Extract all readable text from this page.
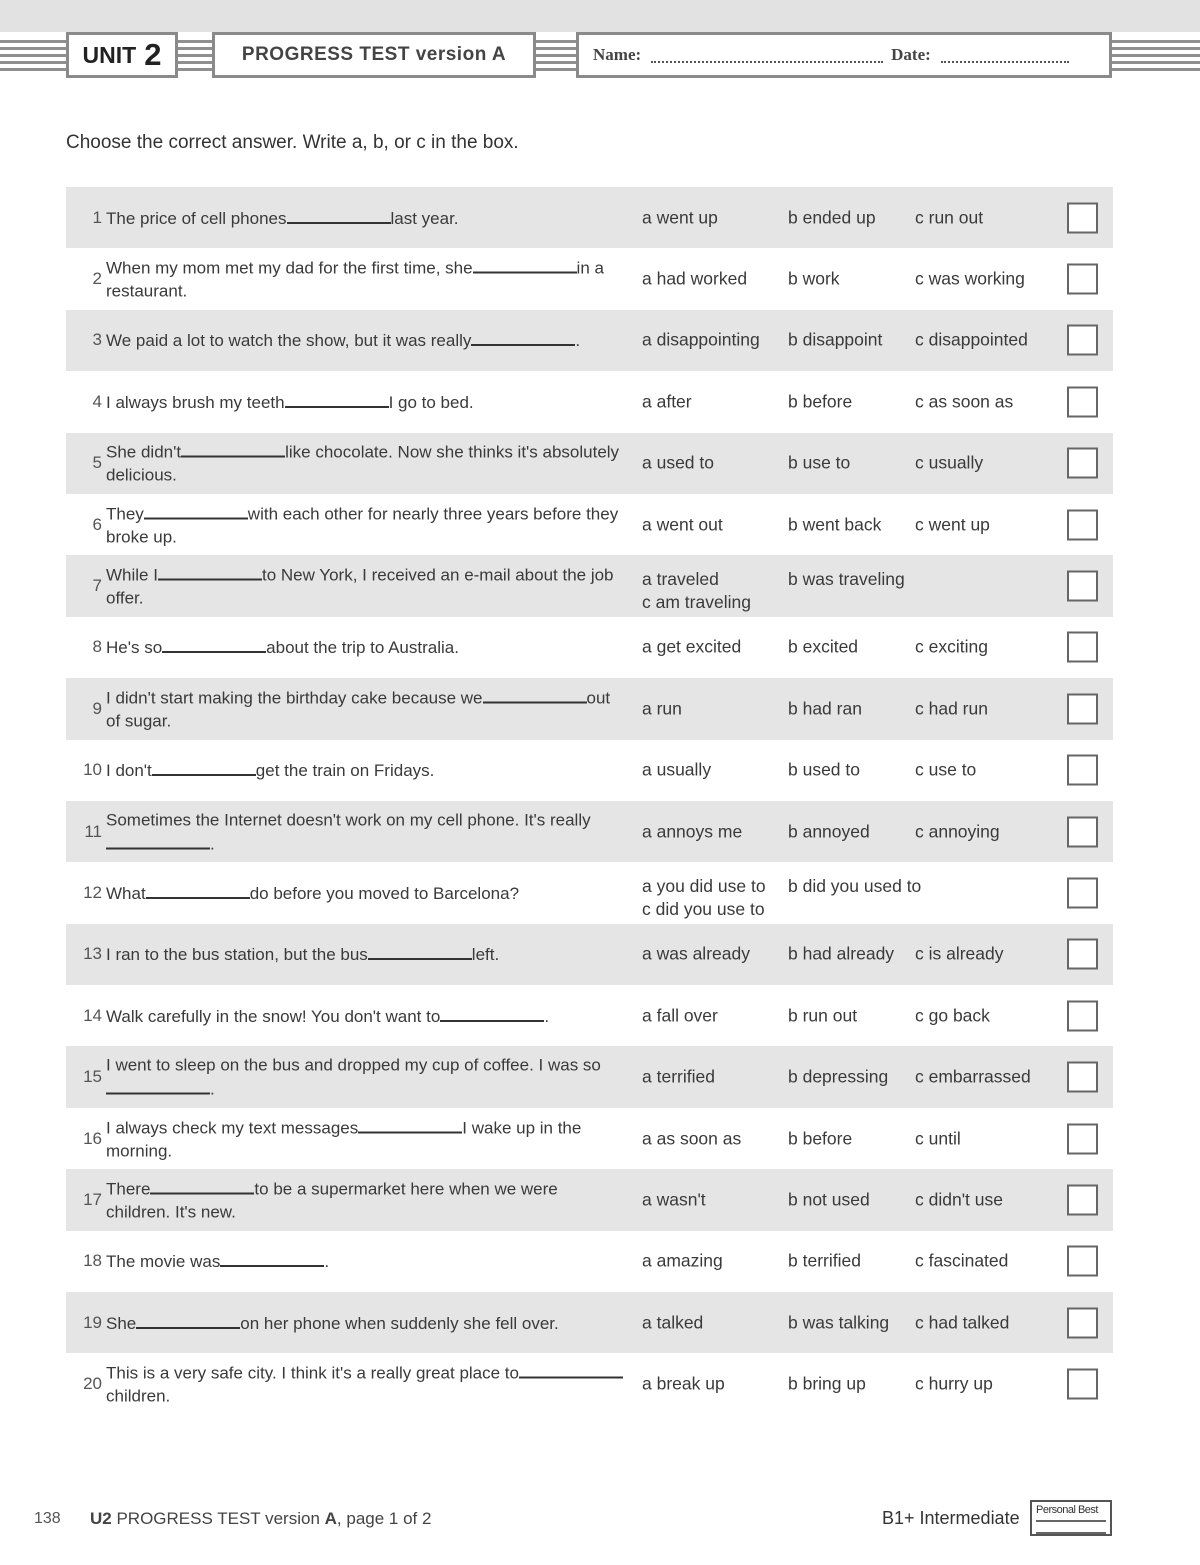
UNIT 2	PROGRESS TEST version A	Name:	Date:
Choose the correct answer. Write a, b, or c in the box.
1 The price of cell phones	last year.	a went up	b ended up c run out
2
When my mom met my dad for the first time, she	in a restaurant.
a had worked b work	c was working
3 We paid a lot to watch the show, but it was really	.	a disappointing b disappoint c disappointed
4 I always brush my teeth	I go to bed.	a after	b before	c as soon as
5
She didn't	like chocolate. Now she thinks it's absolutely delicious.
a used to	b use to	c usually
6
They	with each other for nearly three years before they broke up.
a went out	b went back c went up
7
While I	to New York, I received an e-mail about the job offer.
a traveled	b was traveling
c am traveling
8 He's so	about the trip to Australia.	a get excited	b excited	c exciting
9
I didn't start making the birthday cake because we	out of sugar.
a run	b had ran	c had run
10 I don't	get the train on Fridays.	a usually	b used to	c use to
11
Sometimes the Internet doesn't work on my cell phone. It's really.
a annoys me	b annoyed	c annoying
12 What	do before you moved to Barcelona?	a you did use to b did you used to
c did you use to
13 I ran to the bus station, but the bus	left.	a was already b had already c is already
14 Walk carefully in the snow! You don't want to	.	a fall over	b run out	c go back
15
I went to sleep on the bus and dropped my cup of coffee. I was so.
a terrified	b depressing c embarrassed
16
I always check my text messages	I wake up in the morning.
a as soon as	b before	c until
17
There	to be a supermarket here when we were children. It's new.
a wasn't	b not used	c didn't use
18 The movie was	.	a amazing	b terrified	c fascinated
19 She	on her phone when suddenly she fell over.	a talked	b was talking c had talked
20
This is a very safe city. I think it's a really great place tochildren.
a break up	b bring up	c hurry up
138 U2 PROGRESS TEST version A, page 1 of 2	B1+ Intermediate Personal Best
